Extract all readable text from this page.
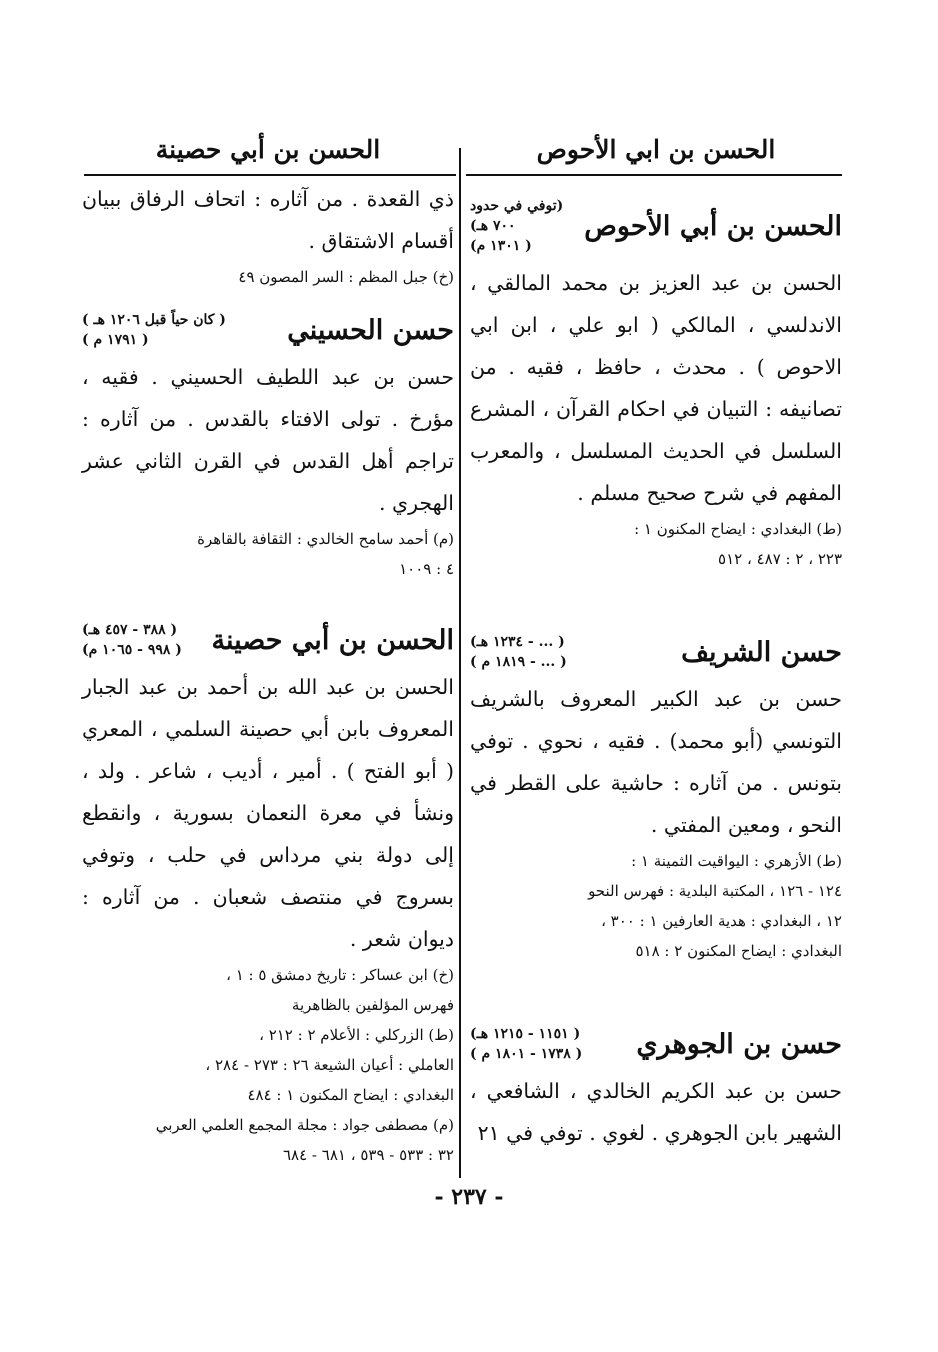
الحسن بن ابي الأحوص
الحسن بن أبي الأحوص
(توفي في حدود ٧٠٠ هـ)
( ١٣٠١ م)
الحسن بن عبد العزيز بن محمد المالقي ، الاندلسي ، المالكي ( ابو علي ، ابن ابي الاحوص ) . محدث ، حافظ ، فقيه . من تصانيفه : التبيان في احكام القرآن ، المشرع السلسل في الحديث المسلسل ، والمعرب المفهم في شرح صحيح مسلم .
(ط) البغدادي : ايضاح المكنون ١ :
٢٢٣ ، ٢ : ٤٨٧ ، ٥١٢
حسن الشريف
( ... - ١٢٣٤ هـ)
( ... - ١٨١٩ م )
حسن بن عبد الكبير المعروف بالشريف التونسي (أبو محمد) . فقيه ، نحوي . توفي بتونس . من آثاره : حاشية على القطر في النحو ، ومعين المفتي .
(ط) الأزهري : اليواقيت الثمينة ١ :
١٢٤ - ١٢٦ ، المكتبة البلدية : فهرس النحو
١٢ ، البغدادي : هدية العارفين ١ : ٣٠٠ ،
البغدادي : ايضاح المكنون ٢ : ٥١٨
حسن بن الجوهري
( ١١٥١ - ١٢١٥ هـ)
( ١٧٣٨ - ١٨٠١ م )
حسن بن عبد الكريم الخالدي ، الشافعي ، الشهير بابن الجوهري . لغوي . توفي في ٢١
الحسن بن أبي حصينة
ذي القعدة . من آثاره : اتحاف الرفاق ببيان أقسام الاشتقاق .
(خ) جبل المظم : السر المصون ٤٩
حسن الحسيني
( كان حياً قبل ١٢٠٦ هـ )
( ١٧٩١ م )
حسن بن عبد اللطيف الحسيني . فقيه ، مؤرخ . تولى الافتاء بالقدس . من آثاره : تراجم أهل القدس في القرن الثاني عشر الهجري .
(م) أحمد سامح الخالدي : الثقافة بالقاهرة
٤ : ١٠٠٩
الحسن بن أبي حصينة
( ٣٨٨ - ٤٥٧ هـ)
( ٩٩٨ - ١٠٦٥ م)
الحسن بن عبد الله بن أحمد بن عبد الجبار المعروف بابن أبي حصينة السلمي ، المعري ( أبو الفتح ) . أمير ، أديب ، شاعر . ولد ، ونشأ في معرة النعمان بسورية ، وانقطع إلى دولة بني مرداس في حلب ، وتوفي بسروج في منتصف شعبان . من آثاره : ديوان شعر .
(خ) ابن عساكر : تاريخ دمشق ٥ : ١ ،
فهرس المؤلفين بالظاهرية
(ط) الزركلي : الأعلام ٢ : ٢١٢ ،
العاملي : أعيان الشيعة ٢٦ : ٢٧٣ - ٢٨٤ ،
البغدادي : ايضاح المكنون ١ : ٤٨٤
(م) مصطفى جواد : مجلة المجمع العلمي العربي
٣٢ : ٥٣٣ - ٥٣٩ ، ٦٨١ - ٦٨٤
- ٢٣٧ -
